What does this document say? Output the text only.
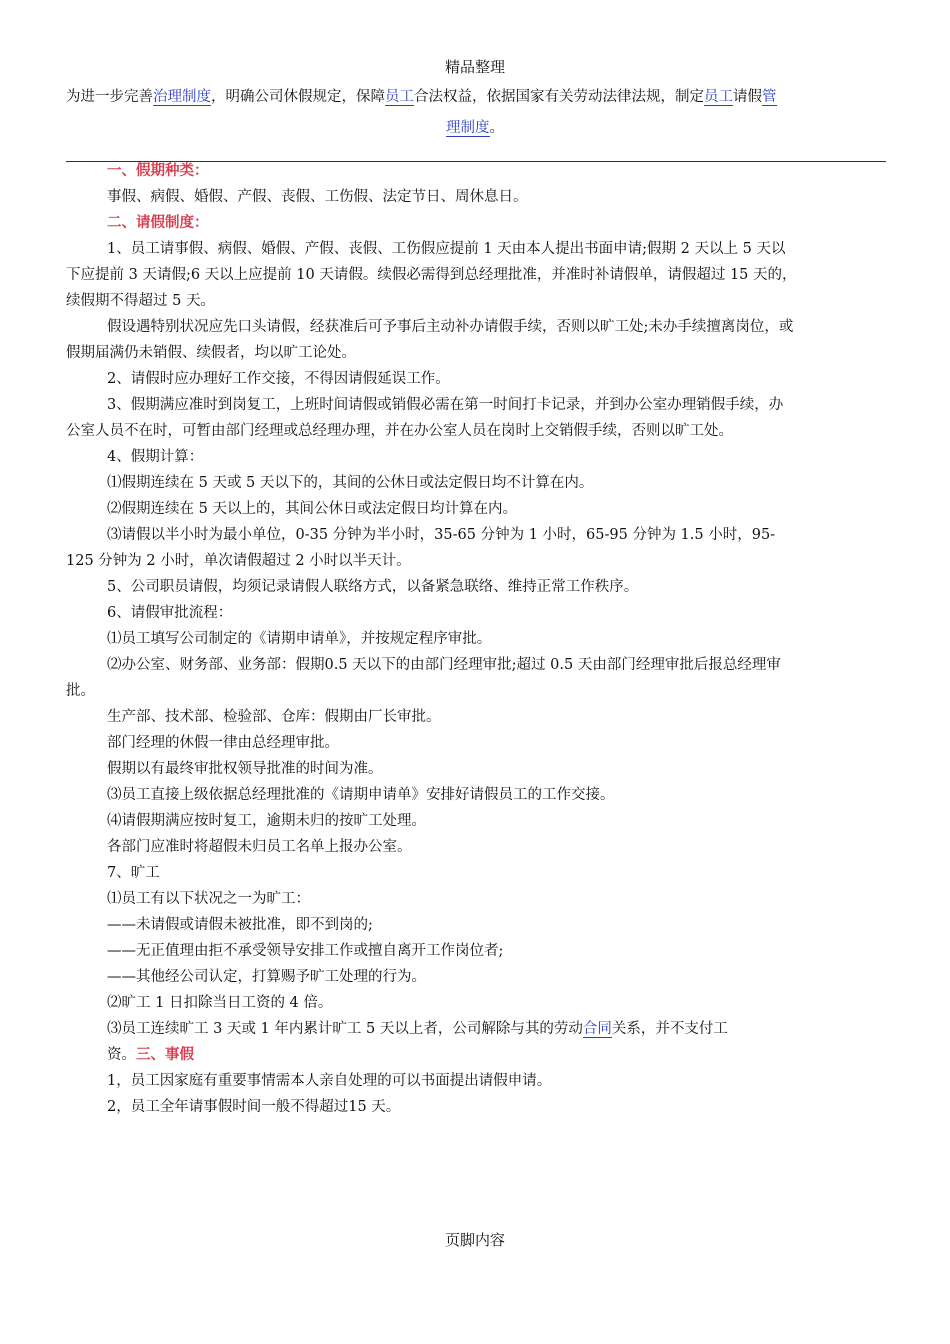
精品整理
为进一步完善治理制度，明确公司休假规定，保障员工合法权益，依据国家有关劳动法律法规，制定员工请假管
理制度。

一、假期种类：

事假、病假、婚假、产假、丧假、工伤假、法定节日、周休息日。

二、请假制度：

1、员工请事假、病假、婚假、产假、丧假、工伤假应提前 1 天由本人提出书面申请;假期 2 天以上 5 天以

下应提前 3 天请假;6 天以上应提前 10 天请假。续假必需得到总经理批准，并准时补请假单，请假超过 15 天的，

续假期不得超过 5 天。

假设遇特别状况应先口头请假，经获准后可予事后主动补办请假手续，否则以旷工处;未办手续擅离岗位，或

假期届满仍未销假、续假者，均以旷工论处。

2、请假时应办理好工作交接，不得因请假延误工作。

3、假期满应准时到岗复工，上班时间请假或销假必需在第一时间打卡记录，并到办公室办理销假手续，办

公室人员不在时，可暂由部门经理或总经理办理，并在办公室人员在岗时上交销假手续，否则以旷工处。

4、假期计算：

⑴假期连续在 5 天或 5 天以下的，其间的公休日或法定假日均不计算在内。

⑵假期连续在 5 天以上的，其间公休日或法定假日均计算在内。

⑶请假以半小时为最小单位，0-35 分钟为半小时，35-65 分钟为 1 小时，65-95 分钟为 1.5 小时，95-

125 分钟为 2 小时，单次请假超过 2 小时以半天计。

5、公司职员请假，均须记录请假人联络方式，以备紧急联络、维持正常工作秩序。

6、请假审批流程：

⑴员工填写公司制定的《请期申请单》，并按规定程序审批。

⑵办公室、财务部、业务部：假期0.5 天以下的由部门经理审批;超过 0.5 天由部门经理审批后报总经理审

批。

生产部、技术部、检验部、仓库：假期由厂长审批。

部门经理的休假一律由总经理审批。

假期以有最终审批权领导批准的时间为准。

⑶员工直接上级依据总经理批准的《请期申请单》安排好请假员工的工作交接。

⑷请假期满应按时复工，逾期未归的按旷工处理。

各部门应准时将超假未归员工名单上报办公室。

7、旷工

⑴员工有以下状况之一为旷工：

——未请假或请假未被批准，即不到岗的;

——无正值理由拒不承受领导安排工作或擅自离开工作岗位者;

——其他经公司认定，打算赐予旷工处理的行为。

⑵旷工 1 日扣除当日工资的 4 倍。

⑶员工连续旷工 3 天或 1 年内累计旷工 5 天以上者，公司解除与其的劳动合同关系，并不支付工

资。三、事假

1，员工因家庭有重要事情需本人亲自处理的可以书面提出请假申请。

2，员工全年请事假时间一般不得超过15 天。

页脚内容
